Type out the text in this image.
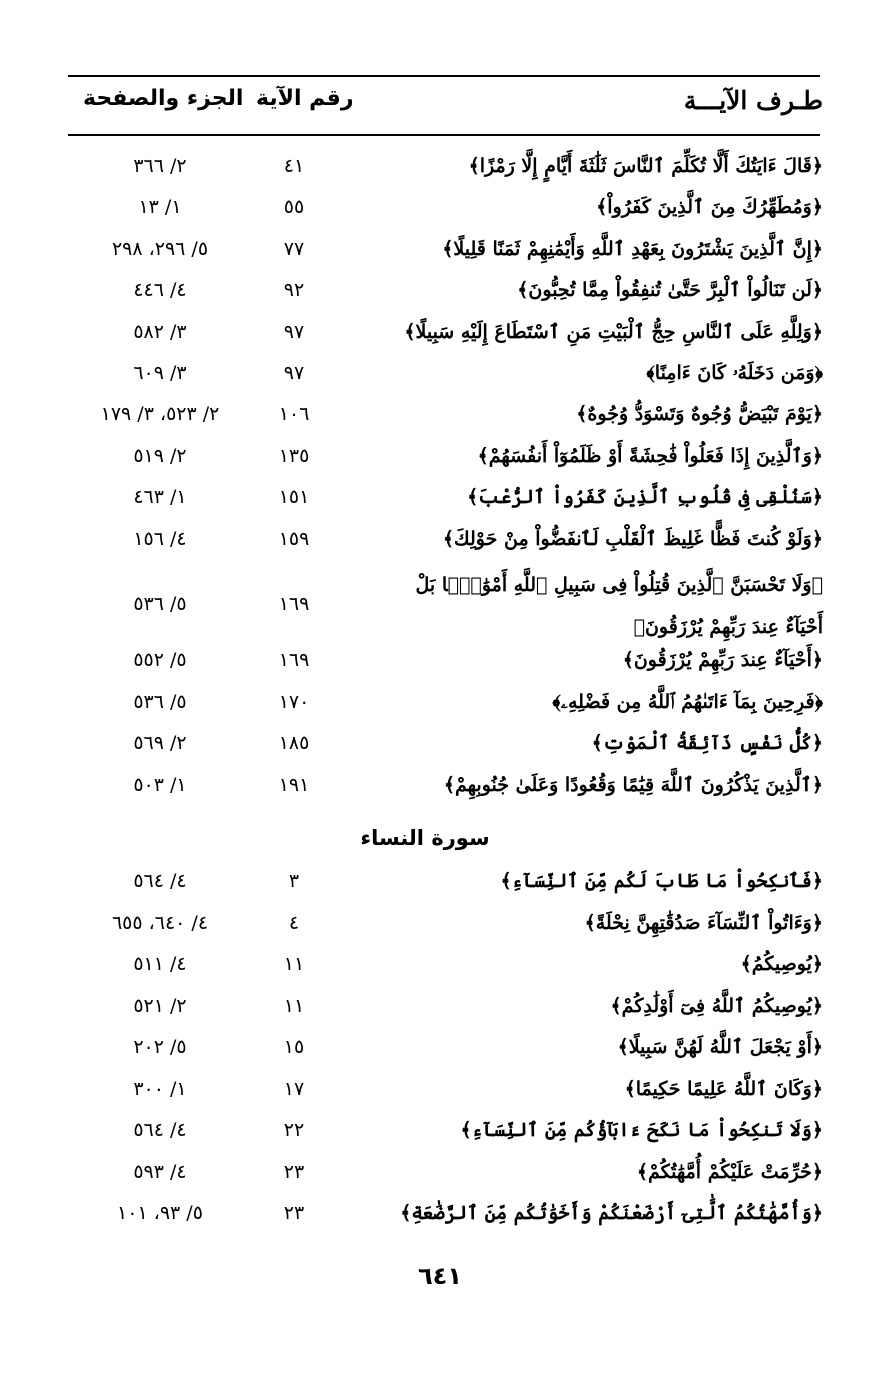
طـرف الآيـــة
رقم الآية
الجزء والصفحة
﴿قَالَ ءَايَتُكَ أَلَّا تُكَلِّمَ ٱلنَّاسَ ثَلَٰثَةَ أَيَّامٍ إِلَّا رَمْزًا﴾
٤١
٢/ ٣٦٦
﴿وَمُطَهِّرُكَ مِنَ ٱلَّذِينَ كَفَرُواْ﴾
٥٥
١/ ١٣
﴿إِنَّ ٱلَّذِينَ يَشْتَرُونَ بِعَهْدِ ٱللَّهِ وَأَيْمَٰنِهِمْ ثَمَنًا قَلِيلًا﴾
٧٧
٥/ ٢٩٦، ٢٩٨
﴿لَن تَنَالُواْ ٱلْبِرَّ حَتَّىٰ تُنفِقُواْ مِمَّا تُحِبُّونَ﴾
٩٢
٤/ ٤٤٦
﴿وَلِلَّهِ عَلَى ٱلنَّاسِ حِجُّ ٱلْبَيْتِ مَنِ ٱسْتَطَاعَ إِلَيْهِ سَبِيلًا﴾
٩٧
٣/ ٥٨٢
﴿وَمَن دَخَلَهُۥ كَانَ ءَامِنًا﴾
٩٧
٣/ ٦٠٩
﴿يَوْمَ تَبْيَضُّ وُجُوهٌ وَتَسْوَدُّ وُجُوهٌ﴾
١٠٦
٢/ ٥٢٣، ٣/ ١٧٩
﴿وَٱلَّذِينَ إِذَا فَعَلُواْ فَٰحِشَةً أَوْ ظَلَمُوٓاْ أَنفُسَهُمْ﴾
١٣٥
٢/ ٥١٩
﴿سَنُلْقِى فِى قُلُوبِ ٱلَّذِينَ كَفَرُواْ ٱلرُّعْبَ﴾
١٥١
١/ ٤٦٣
﴿وَلَوْ كُنتَ فَظًّا غَلِيظَ ٱلْقَلْبِ لَٱنفَضُّواْ مِنْ حَوْلِكَ﴾
١٥٩
٤/ ١٥٦
﴿وَلَا تَحْسَبَنَّ ٱلَّذِينَ قُتِلُواْ فِى سَبِيلِ ٱللَّهِ أَمْوَٰتًۢا بَلْ أَحْيَآءٌ عِندَ رَبِّهِمْ يُرْزَقُونَ﴾
١٦٩
٥/ ٥٣٦
﴿أَحْيَآءٌ عِندَ رَبِّهِمْ يُرْزَقُونَ﴾
١٦٩
٥/ ٥٥٢
﴿فَرِحِينَ بِمَآ ءَاتَىٰهُمُ ٱللَّهُ مِن فَضْلِهِۦ﴾
١٧٠
٥/ ٥٣٦
﴿كُلُّ نَفْسٍ ذَآئِقَةُ ٱلْمَوْتِ﴾
١٨٥
٢/ ٥٦٩
﴿ٱلَّذِينَ يَذْكُرُونَ ٱللَّهَ قِيَٰمًا وَقُعُودًا وَعَلَىٰ جُنُوبِهِمْ﴾
١٩١
١/ ٥٠٣
سورة النساء
﴿فَٱنكِحُواْ مَا طَابَ لَكُم مِّنَ ٱلنِّسَآءِ﴾
٣
٤/ ٥٦٤
﴿وَءَاتُواْ ٱلنِّسَآءَ صَدُقَٰتِهِنَّ نِحْلَةً﴾
٤
٤/ ٦٤٠، ٦٥٥
﴿يُوصِيكُمُ﴾
١١
٤/ ٥١١
﴿يُوصِيكُمُ ٱللَّهُ فِىٓ أَوْلَٰدِكُمْ﴾
١١
٢/ ٥٢١
﴿أَوْ يَجْعَلَ ٱللَّهُ لَهُنَّ سَبِيلًا﴾
١٥
٥/ ٢٠٢
﴿وَكَانَ ٱللَّهُ عَلِيمًا حَكِيمًا﴾
١٧
١/ ٣٠٠
﴿وَلَا تَنكِحُواْ مَا نَكَحَ ءَابَآؤُكُم مِّنَ ٱلنِّسَآءِ﴾
٢٢
٤/ ٥٦٤
﴿حُرِّمَتْ عَلَيْكُمْ أُمَّهَٰتُكُمْ﴾
٢٣
٤/ ٥٩٣
﴿وَأُمَّهَٰتُكُمُ ٱلَّٰتِىٓ أَرْضَعْنَكُمْ وَأَخَوَٰتُكُم مِّنَ ٱلرَّضَٰعَةِ﴾
٢٣
٥/ ٩٣، ١٠١
٦٤١
